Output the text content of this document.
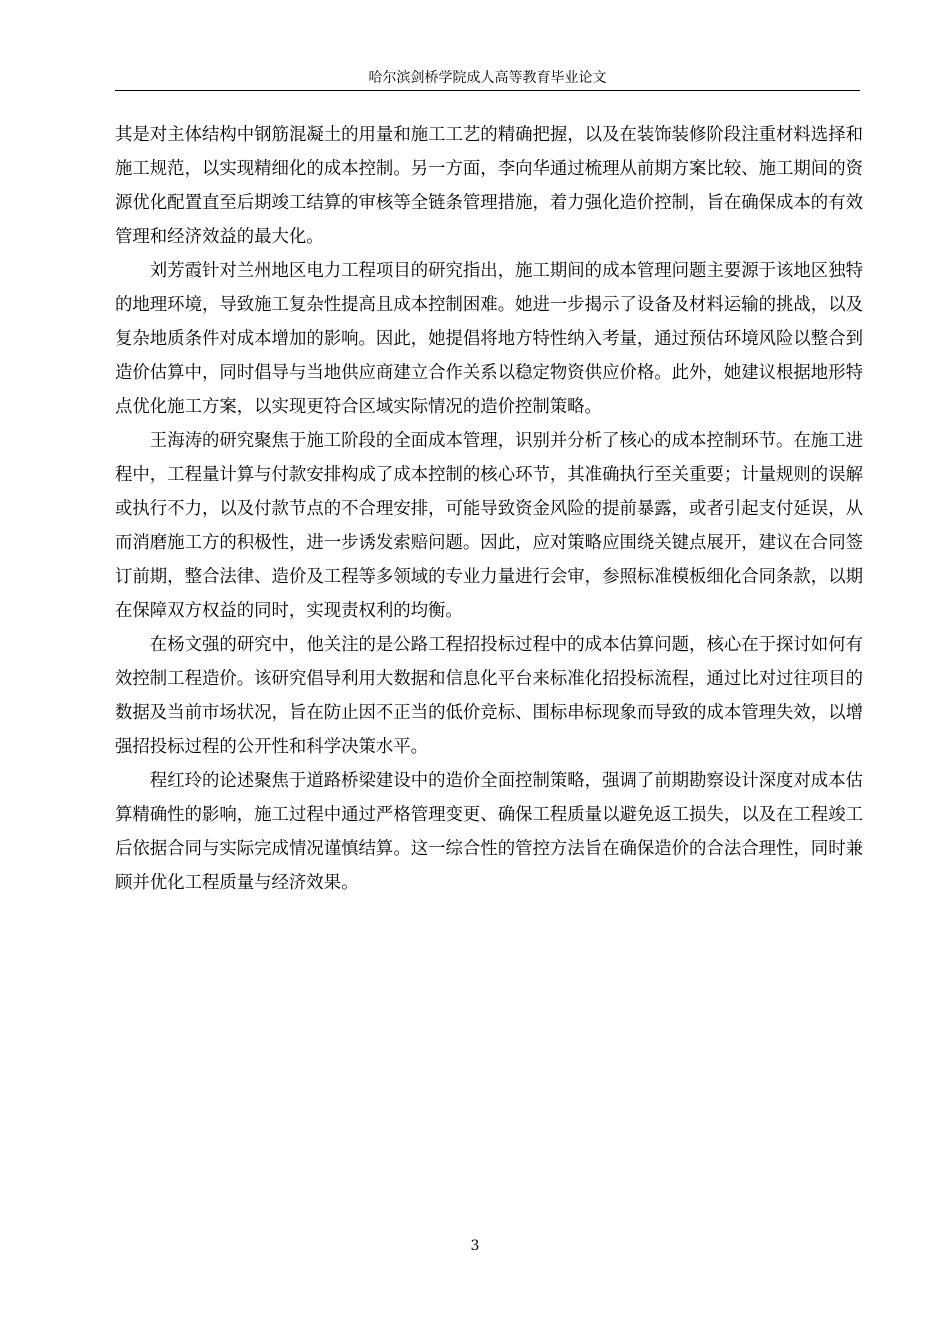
哈尔滨剑桥学院成人高等教育毕业论文

其是对主体结构中钢筋混凝土的用量和施工工艺的精确把握，以及在装饰装修阶段注重材料选择和施工规范，以实现精细化的成本控制。另一方面，李向华通过梳理从前期方案比较、施工期间的资源优化配置直至后期竣工结算的审核等全链条管理措施，着力强化造价控制，旨在确保成本的有效管理和经济效益的最大化。

刘芳霞针对兰州地区电力工程项目的研究指出，施工期间的成本管理问题主要源于该地区独特的地理环境，导致施工复杂性提高且成本控制困难。她进一步揭示了设备及材料运输的挑战，以及复杂地质条件对成本增加的影响。因此，她提倡将地方特性纳入考量，通过预估环境风险以整合到造价估算中，同时倡导与当地供应商建立合作关系以稳定物资供应价格。此外，她建议根据地形特点优化施工方案，以实现更符合区域实际情况的造价控制策略。

王海涛的研究聚焦于施工阶段的全面成本管理，识别并分析了核心的成本控制环节。在施工进程中，工程量计算与付款安排构成了成本控制的核心环节，其准确执行至关重要；计量规则的误解或执行不力，以及付款节点的不合理安排，可能导致资金风险的提前暴露，或者引起支付延误，从而消磨施工方的积极性，进一步诱发索赔问题。因此，应对策略应围绕关键点展开，建议在合同签订前期，整合法律、造价及工程等多领域的专业力量进行会审，参照标准模板细化合同条款，以期在保障双方权益的同时，实现责权利的均衡。

在杨文强的研究中，他关注的是公路工程招投标过程中的成本估算问题，核心在于探讨如何有效控制工程造价。该研究倡导利用大数据和信息化平台来标准化招投标流程，通过比对过往项目的数据及当前市场状况，旨在防止因不正当的低价竞标、围标串标现象而导致的成本管理失效，以增强招投标过程的公开性和科学决策水平。

程红玲的论述聚焦于道路桥梁建设中的造价全面控制策略，强调了前期勘察设计深度对成本估算精确性的影响，施工过程中通过严格管理变更、确保工程质量以避免返工损失，以及在工程竣工后依据合同与实际完成情况谨慎结算。这一综合性的管控方法旨在确保造价的合法合理性，同时兼顾并优化工程质量与经济效果。

3
